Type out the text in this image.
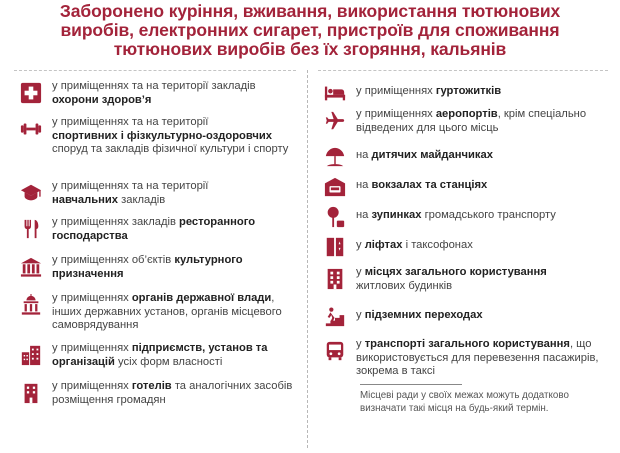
Заборонено куріння, вживання, використання тютюнових
виробів, електронних сигарет, пристроїв для споживання
тютюнових виробів без їх згоряння, кальянів
у приміщеннях та на території закладів
охорони здоров’я
у приміщеннях та на території
спортивних і фізкультурно-оздоровчих
споруд та закладів фізичної культури і спорту
у приміщеннях та на території
навчальних закладів
у приміщеннях закладів ресторанного господарства
у приміщеннях об’єктів культурного призначення
у приміщеннях органів державної влади, інших державних установ, органів місцевого самоврядування
у приміщеннях підприємств, установ та організацій усіх форм власності
у приміщеннях готелів та аналогічних засобів розміщення громадян
у приміщеннях гуртожитків
у приміщеннях аеропортів, крім спеціально відведених для цього місць
на дитячих майданчиках
на вокзалах та станціях
на зупинках громадського транспорту
у ліфтах і таксофонах
у місцях загального користування
житлових будинків
у підземних переходах
у транспорті загального користування, що використовується для перевезення пасажирів, зокрема в таксі
Місцеві ради у своїх межах можуть додатково визначати такі місця на будь-який термін.
